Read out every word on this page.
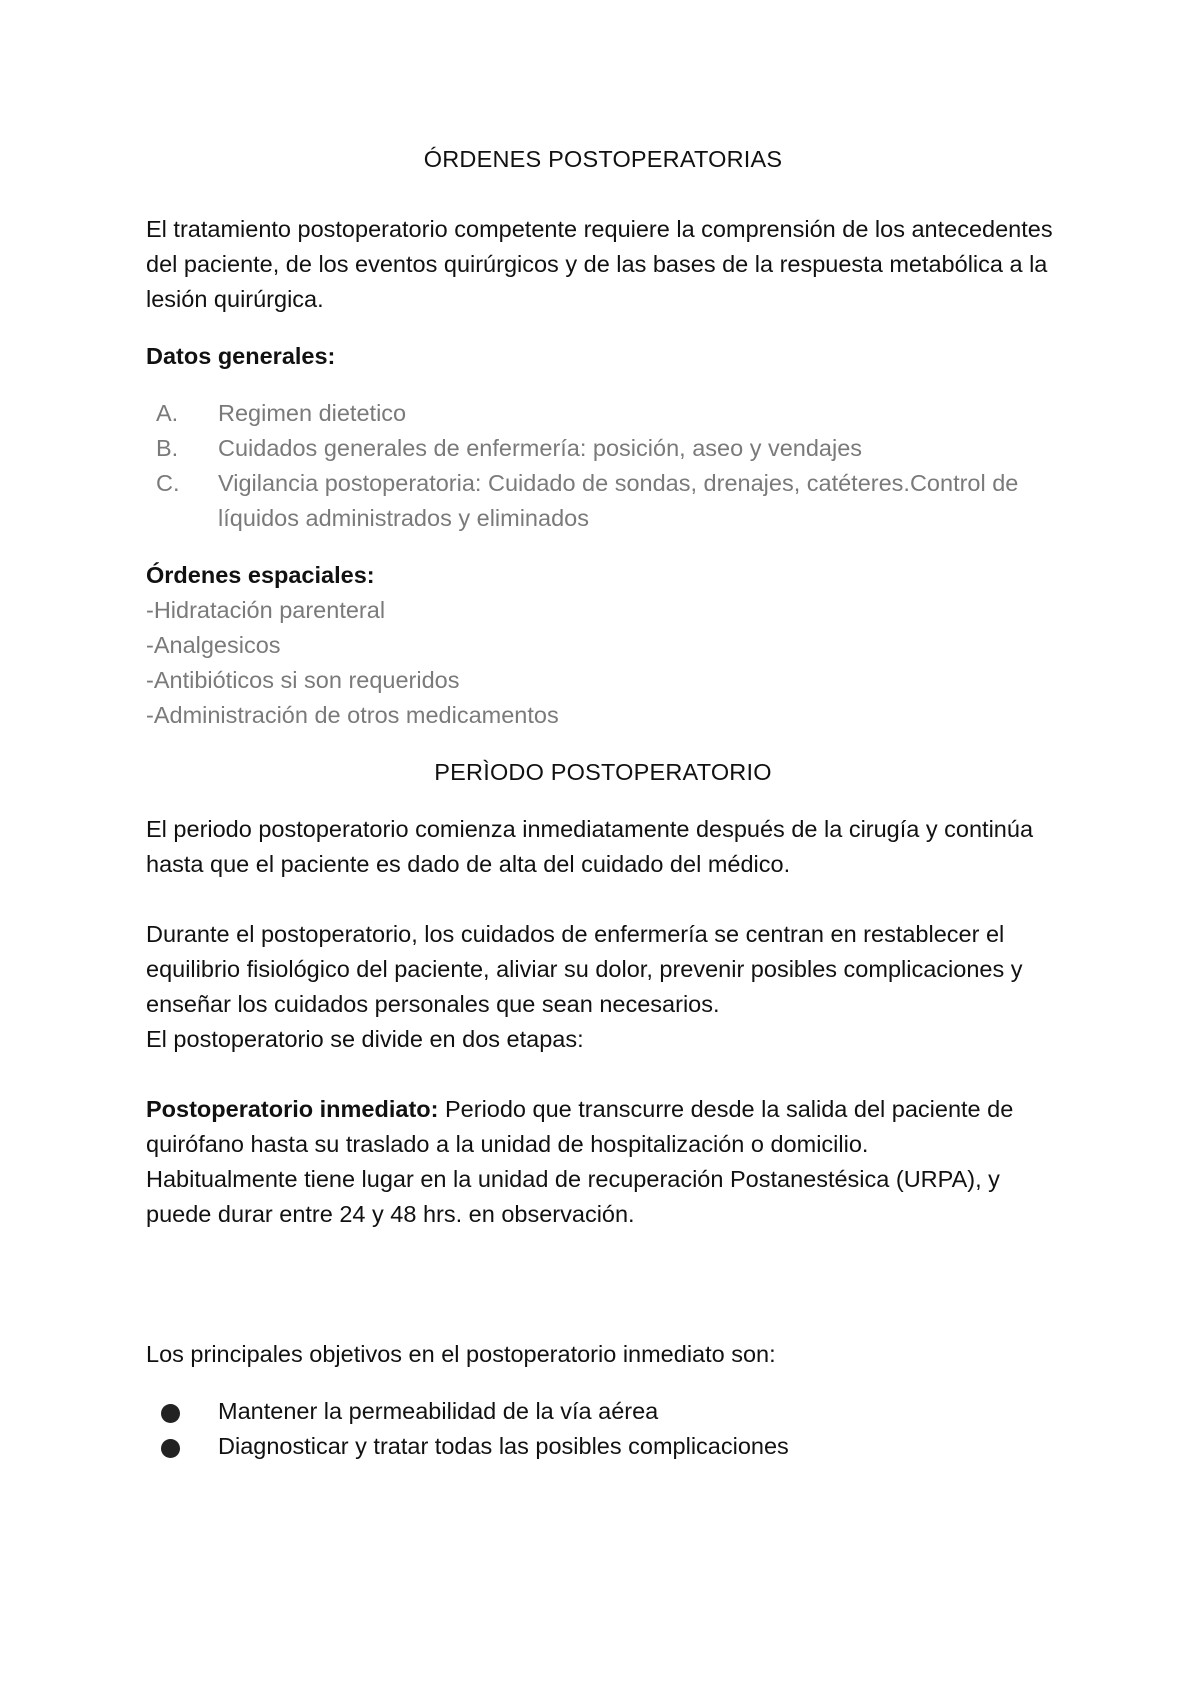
ÓRDENES POSTOPERATORIAS

El tratamiento postoperatorio competente requiere la comprensión de los antecedentes del paciente, de los eventos quirúrgicos y de las bases de la respuesta metabólica a la lesión quirúrgica.

Datos generales:

A. Regimen dietetico
B. Cuidados generales de enfermería: posición, aseo y vendajes
C. Vigilancia postoperatoria: Cuidado de sondas, drenajes, catéteres.Control de líquidos administrados y eliminados

Órdenes espaciales:

-Hidratación parenteral

-Analgesicos

-Antibióticos si son requeridos

-Administración de otros medicamentos

PERÌODO POSTOPERATORIO

El periodo postoperatorio comienza inmediatamente después de la cirugía y continúa hasta que el paciente es dado de alta del cuidado del médico.

Durante el postoperatorio, los cuidados de enfermería se centran en restablecer el equilibrio fisiológico del paciente, aliviar su dolor, prevenir posibles complicaciones y enseñar los cuidados personales que sean necesarios.

El postoperatorio se divide en dos etapas:

Postoperatorio inmediato: Periodo que transcurre desde la salida del paciente de quirófano hasta su traslado a la unidad de hospitalización o domicilio.

Habitualmente tiene lugar en la unidad de recuperación Postanestésica (URPA), y puede durar entre 24 y 48 hrs. en observación.

Los principales objetivos en el postoperatorio inmediato son:

Mantener la permeabilidad de la vía aérea
Diagnosticar y tratar todas las posibles complicaciones
